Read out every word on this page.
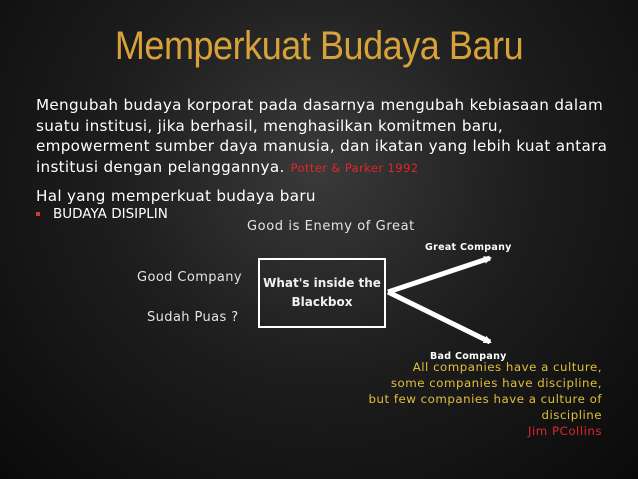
Memperkuat Budaya Baru
Mengubah budaya korporat pada dasarnya mengubah kebiasaan dalam suatu institusi, jika berhasil, menghasilkan komitmen baru, empowerment sumber daya manusia, dan ikatan yang lebih kuat antara institusi dengan pelanggannya. Potter & Parker 1992
Hal yang memperkuat budaya baru
BUDAYA DISIPLIN
Good is Enemy of Great
Good Company
Sudah Puas ?
What's inside the
Blackbox
Great Company
Bad Company
All companies have a culture,
some companies have discipline,
but few companies have a culture of
discipline
Jim PCollins
